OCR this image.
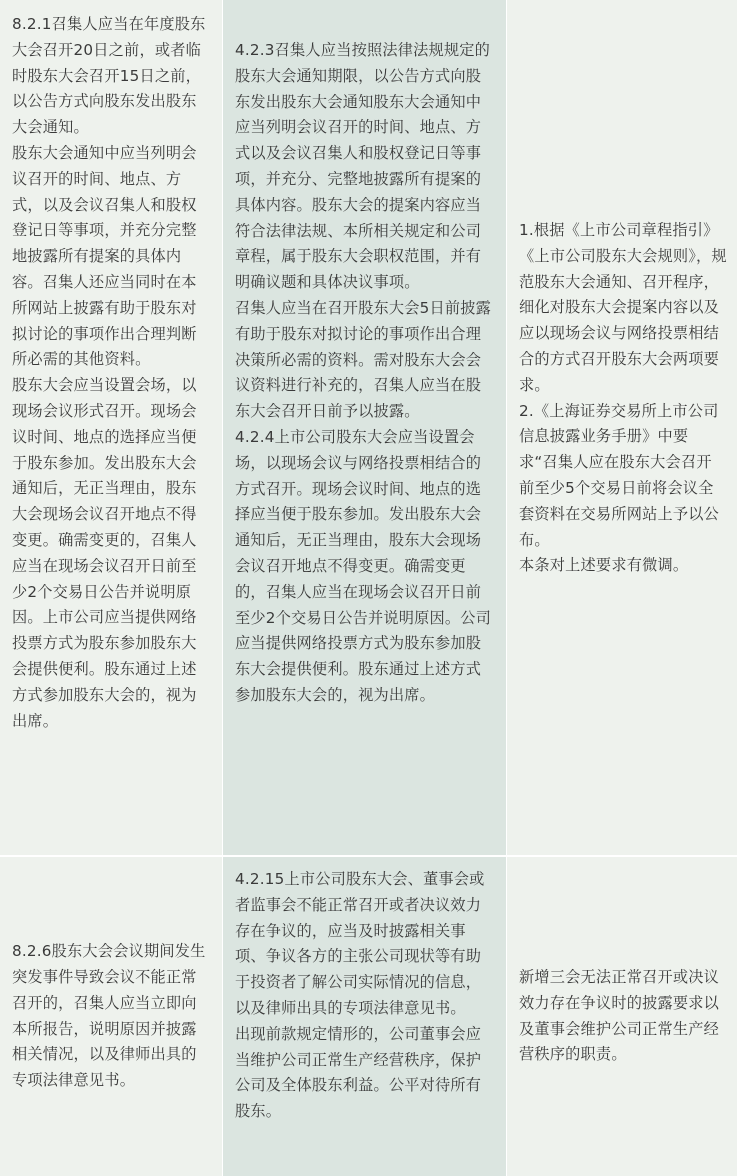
8.2.1召集人应当在年度股东大会召开20日之前，或者临时股东大会召开15日之前，以公告方式向股东发出股东大会通知。

股东大会通知中应当列明会议召开的时间、地点、方式，以及会议召集人和股权登记日等事项，并充分完整地披露所有提案的具体内容。召集人还应当同时在本所网站上披露有助于股东对拟讨论的事项作出合理判断所必需的其他资料。

股东大会应当设置会场，以现场会议形式召开。现场会议时间、地点的选择应当便于股东参加。发出股东大会通知后，无正当理由，股东大会现场会议召开地点不得变更。确需变更的，召集人应当在现场会议召开日前至少2个交易日公告并说明原因。上市公司应当提供网络投票方式为股东参加股东大会提供便利。股东通过上述方式参加股东大会的，视为出席。

4.2.3召集人应当按照法律法规规定的股东大会通知期限，以公告方式向股东发出股东大会通知股东大会通知中应当列明会议召开的时间、地点、方式以及会议召集人和股权登记日等事项，并充分、完整地披露所有提案的具体内容。股东大会的提案内容应当符合法律法规、本所相关规定和公司章程，属于股东大会职权范围，并有明确议题和具体决议事项。

召集人应当在召开股东大会5日前披露有助于股东对拟讨论的事项作出合理决策所必需的资料。需对股东大会会议资料进行补充的，召集人应当在股东大会召开日前予以披露。

4.2.4上市公司股东大会应当设置会场，以现场会议与网络投票相结合的方式召开。现场会议时间、地点的选择应当便于股东参加。发出股东大会通知后，无正当理由，股东大会现场会议召开地点不得变更。确需变更的，召集人应当在现场会议召开日前至少2个交易日公告并说明原因。公司应当提供网络投票方式为股东参加股东大会提供便利。股东通过上述方式参加股东大会的，视为出席。

1.根据《上市公司章程指引》《上市公司股东大会规则》，规范股东大会通知、召开程序，细化对股东大会提案内容以及应以现场会议与网络投票相结合的方式召开股东大会两项要求。

2.《上海证券交易所上市公司信息披露业务手册》中要求“召集人应在股东大会召开前至少5个交易日前将会议全套资料在交易所网站上予以公布。

本条对上述要求有微调。

8.2.6股东大会会议期间发生突发事件导致会议不能正常召开的，召集人应当立即向本所报告，说明原因并披露相关情况，以及律师出具的专项法律意见书。

4.2.15上市公司股东大会、董事会或者监事会不能正常召开或者决议效力存在争议的，应当及时披露相关事项、争议各方的主张公司现状等有助于投资者了解公司实际情况的信息，以及律师出具的专项法律意见书。

出现前款规定情形的，公司董事会应当维护公司正常生产经营秩序，保护公司及全体股东利益。公平对待所有股东。

新增三会无法正常召开或决议效力存在争议时的披露要求以及董事会维护公司正常生产经营秩序的职责。
